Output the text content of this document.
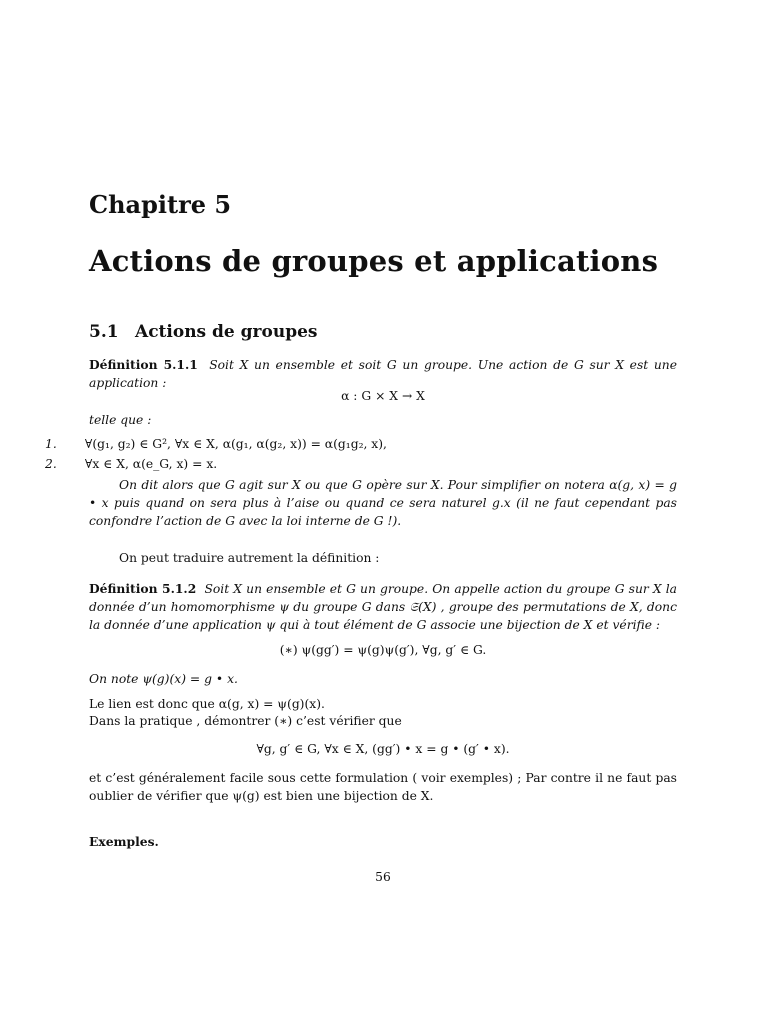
Chapitre 5
Actions de groupes et applications
5.1 Actions de groupes

Définition 5.1.1 Soit X un ensemble et soit G un groupe. Une action de G sur X est une application :

α : G × X → X

telle que :

1. ∀(g₁, g₂) ∈ G², ∀x ∈ X, α(g₁, α(g₂, x)) = α(g₁g₂, x),
2. ∀x ∈ X, α(e_G, x) = x.

On dit alors que G agit sur X ou que G opère sur X. Pour simplifier on notera α(g, x) = g • x puis quand on sera plus à l’aise ou quand ce sera naturel g.x (il ne faut cependant pas confondre l’action de G avec la loi interne de G !).

On peut traduire autrement la définition :

Définition 5.1.2 Soit X un ensemble et G un groupe. On appelle action du groupe G sur X la donnée d’un homomorphisme ψ du groupe G dans 𝔖(X) , groupe des permutations de X, donc la donnée d’une application ψ qui à tout élément de G associe une bijection de X et vérifie :

(∗) ψ(gg′) = ψ(g)ψ(g′), ∀g, g′ ∈ G.

On note ψ(g)(x) = g • x.

Le lien est donc que α(g, x) = ψ(g)(x).

Dans la pratique , démontrer (∗) c’est vérifier que

∀g, g′ ∈ G, ∀x ∈ X, (gg′) • x = g • (g′ • x).

et c’est généralement facile sous cette formulation ( voir exemples) ; Par contre il ne faut pas oublier de vérifier que ψ(g) est bien une bijection de X.

Exemples.

56
